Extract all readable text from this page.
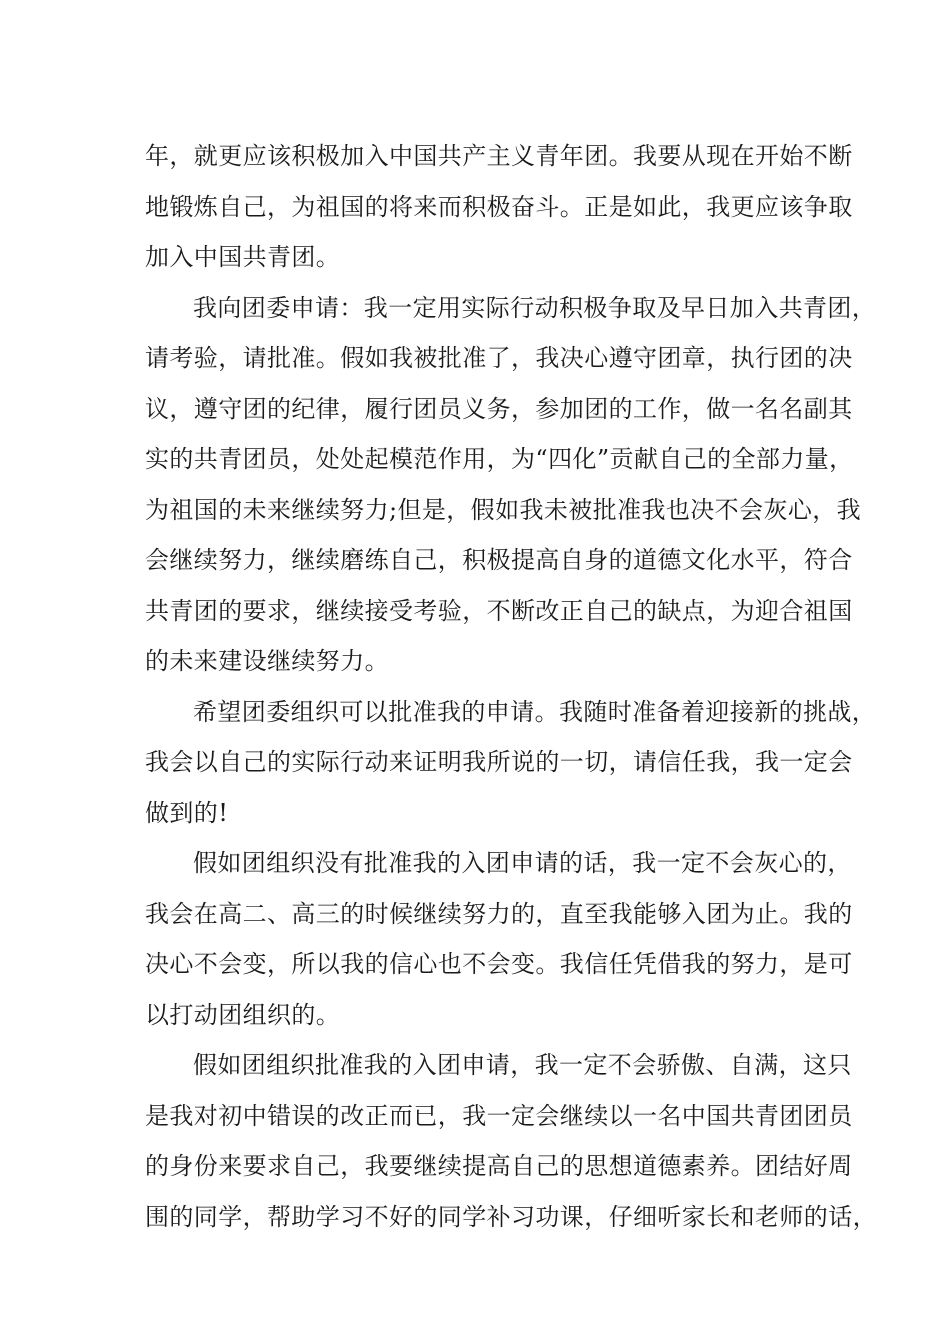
年，就更应该积极加入中国共产主义青年团。我要从现在开始不断
地锻炼自己，为祖国的将来而积极奋斗。正是如此，我更应该争取
加入中国共青团。
我向团委申请：我一定用实际行动积极争取及早日加入共青团，
请考验，请批准。假如我被批准了，我决心遵守团章，执行团的决
议，遵守团的纪律，履行团员义务，参加团的工作，做一名名副其
实的共青团员，处处起模范作用，为“四化”贡献自己的全部力量，
为祖国的未来继续努力;但是，假如我未被批准我也决不会灰心，我
会继续努力，继续磨练自己，积极提高自身的道德文化水平，符合
共青团的要求，继续接受考验，不断改正自己的缺点，为迎合祖国
的未来建设继续努力。
希望团委组织可以批准我的申请。我随时准备着迎接新的挑战，
我会以自己的实际行动来证明我所说的一切，请信任我，我一定会
做到的!
假如团组织没有批准我的入团申请的话，我一定不会灰心的，
我会在高二、高三的时候继续努力的，直至我能够入团为止。我的
决心不会变，所以我的信心也不会变。我信任凭借我的努力，是可
以打动团组织的。
假如团组织批准我的入团申请，我一定不会骄傲、自满，这只
是我对初中错误的改正而已，我一定会继续以一名中国共青团团员
的身份来要求自己，我要继续提高自己的思想道德素养。团结好周
围的同学，帮助学习不好的同学补习功课，仔细听家长和老师的话，
